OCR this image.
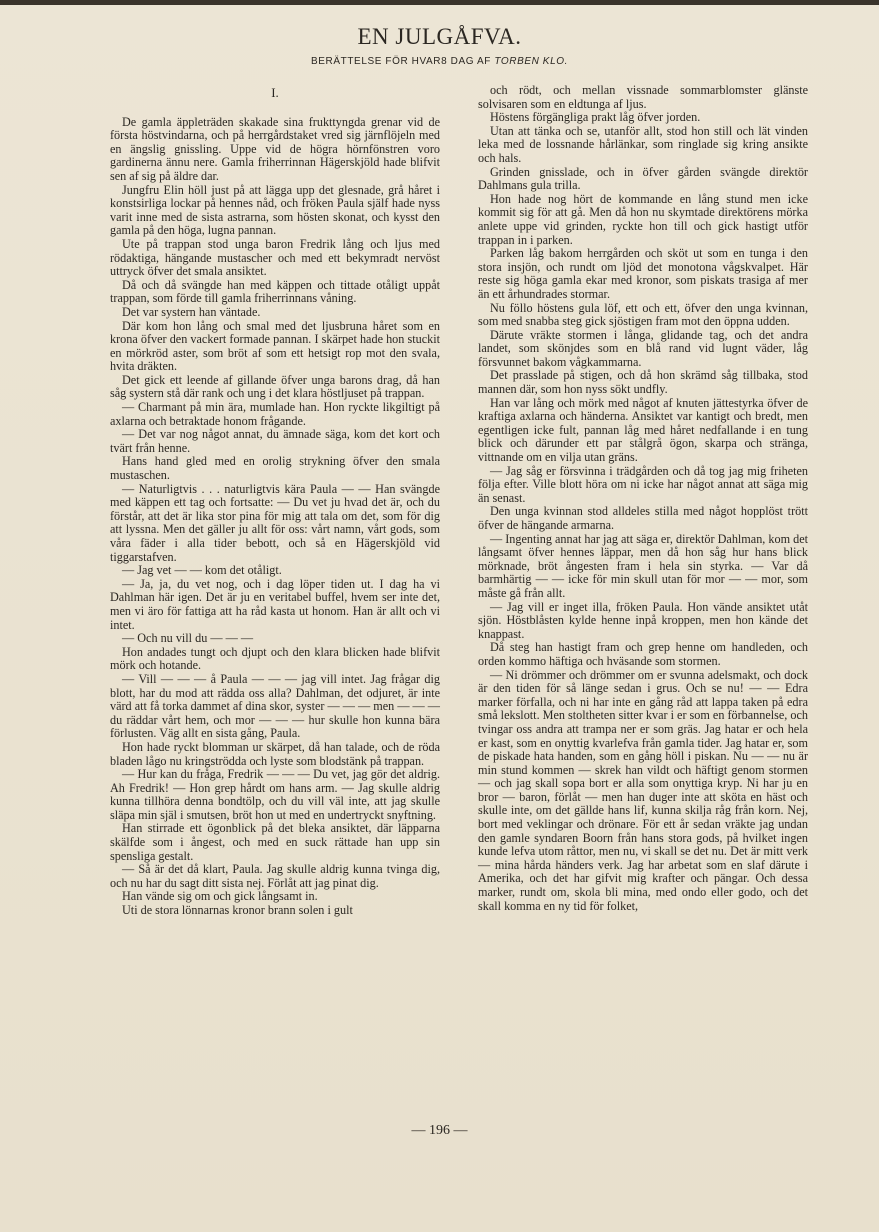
EN JULGÅFVA.

BERÄTTELSE FÖR HVAR8 DAG AF TORBEN KLO.

I.

De gamla äppleträden skakade sina frukttyngda grenar vid de första höstvindarna, och på herrgårdstaket vred sig järnflöjeln med en ängslig gnissling. Uppe vid de högra hörnfönstren voro gardinerna ännu nere. Gamla friherrinnan Hägerskjöld hade blifvit sen af sig på äldre dar.

Jungfru Elin höll just på att lägga upp det glesnade, grå håret i konstsirliga lockar på hennes nåd, och fröken Paula själf hade nyss varit inne med de sista astrarna, som hösten skonat, och kysst den gamla på den höga, lugna pannan.

Ute på trappan stod unga baron Fredrik lång och ljus med rödaktiga, hängande mustascher och med ett bekymradt nervöst uttryck öfver det smala ansiktet.

Då och då svängde han med käppen och tittade otåligt uppåt trappan, som förde till gamla friherrinnans våning.

Det var systern han väntade.

Där kom hon lång och smal med det ljusbruna håret som en krona öfver den vackert formade pannan. I skärpet hade hon stuckit en mörkröd aster, som bröt af som ett hetsigt rop mot den svala, hvita dräkten.

Det gick ett leende af gillande öfver unga barons drag, då han såg systern stå där rank och ung i det klara höstljuset på trappan.

— Charmant på min ära, mumlade han. Hon ryckte likgiltigt på axlarna och betraktade honom frågande.

— Det var nog något annat, du ämnade säga, kom det kort och tvärt från henne.

Hans hand gled med en orolig strykning öfver den smala mustaschen.

— Naturligtvis . . . naturligtvis kära Paula — — Han svängde med käppen ett tag och fortsatte: — Du vet ju hvad det är, och du förstår, att det är lika stor pina för mig att tala om det, som för dig att lyssna. Men det gäller ju allt för oss: vårt namn, vårt gods, som våra fäder i alla tider bebott, och så en Hägerskjöld vid tiggarstafven.

— Jag vet — — kom det otåligt.

— Ja, ja, du vet nog, och i dag löper tiden ut. I dag ha vi Dahlman här igen. Det är ju en veritabel buffel, hvem ser inte det, men vi äro för fattiga att ha råd kasta ut honom. Han är allt och vi intet.

— Och nu vill du — — —

Hon andades tungt och djupt och den klara blicken hade blifvit mörk och hotande.

— Vill — — — å Paula — — — jag vill intet. Jag frågar dig blott, har du mod att rädda oss alla? Dahlman, det odjuret, är inte värd att få torka dammet af dina skor, syster — — — men — — — du räddar vårt hem, och mor — — — hur skulle hon kunna bära förlusten. Väg allt en sista gång, Paula.

Hon hade ryckt blomman ur skärpet, då han talade, och de röda bladen lågo nu kringströdda och lyste som blodstänk på trappan.

— Hur kan du fråga, Fredrik — — — Du vet, jag gör det aldrig. Ah Fredrik! — Hon grep hårdt om hans arm. — Jag skulle aldrig kunna tillhöra denna bondtölp, och du vill väl inte, att jag skulle släpa min själ i smutsen, bröt hon ut med en undertryckt snyftning.

Han stirrade ett ögonblick på det bleka ansiktet, där läpparna skälfde som i ångest, och med en suck rättade han upp sin spensliga gestalt.

— Så är det då klart, Paula. Jag skulle aldrig kunna tvinga dig, och nu har du sagt ditt sista nej. Förlåt att jag pinat dig.

Han vände sig om och gick långsamt in.

Uti de stora lönnarnas kronor brann solen i gult

och rödt, och mellan vissnade sommarblomster glänste solvisaren som en eldtunga af ljus.

Höstens förgängliga prakt låg öfver jorden.

Utan att tänka och se, utanför allt, stod hon still och lät vinden leka med de lossnande hårlänkar, som ringlade sig kring ansikte och hals.

Grinden gnisslade, och in öfver gården svängde direktör Dahlmans gula trilla.

Hon hade nog hört de kommande en lång stund men icke kommit sig för att gå. Men då hon nu skymtade direktörens mörka anlete uppe vid grinden, ryckte hon till och gick hastigt utför trappan in i parken.

Parken låg bakom herrgården och sköt ut som en tunga i den stora insjön, och rundt om ljöd det monotona vågskvalpet. Här reste sig höga gamla ekar med kronor, som piskats trasiga af mer än ett århundrades stormar.

Nu föllo höstens gula löf, ett och ett, öfver den unga kvinnan, som med snabba steg gick sjöstigen fram mot den öppna udden.

Därute vräkte stormen i långa, glidande tag, och det andra landet, som skönjdes som en blå rand vid lugnt väder, låg försvunnet bakom vågkammarna.

Det prasslade på stigen, och då hon skrämd såg tillbaka, stod mannen där, som hon nyss sökt undfly.

Han var lång och mörk med något af knuten jättestyrka öfver de kraftiga axlarna och händerna. Ansiktet var kantigt och bredt, men egentligen icke fult, pannan låg med håret nedfallande i en tung blick och därunder ett par stålgrå ögon, skarpa och stränga, vittnande om en vilja utan gräns.

— Jag såg er försvinna i trädgården och då tog jag mig friheten följa efter. Ville blott höra om ni icke har något annat att säga mig än senast.

Den unga kvinnan stod alldeles stilla med något hopplöst trött öfver de hängande armarna.

— Ingenting annat har jag att säga er, direktör Dahlman, kom det långsamt öfver hennes läppar, men då hon såg hur hans blick mörknade, bröt ångesten fram i hela sin styrka. — Var då barmhärtig — — icke för min skull utan för mor — — mor, som måste gå från allt.

— Jag vill er inget illa, fröken Paula. Hon vände ansiktet utåt sjön. Höstblåsten kylde henne inpå kroppen, men hon kände det knappast.

Då steg han hastigt fram och grep henne om handleden, och orden kommo häftiga och hväsande som stormen.

— Ni drömmer och drömmer om er svunna adelsmakt, och dock är den tiden för så länge sedan i grus. Och se nu! — — Edra marker förfalla, och ni har inte en gång råd att lappa taken på edra små lekslott. Men stoltheten sitter kvar i er som en förbannelse, och tvingar oss andra att trampa ner er som gräs. Jag hatar er och hela er kast, som en onyttig kvarlefva från gamla tider. Jag hatar er, som de piskade hata handen, som en gång höll i piskan. Nu — — nu är min stund kommen — skrek han vildt och häftigt genom stormen — och jag skall sopa bort er alla som onyttiga kryp. Ni har ju en bror — baron, förlåt — men han duger inte att sköta en häst och skulle inte, om det gällde hans lif, kunna skilja råg från korn. Nej, bort med veklingar och drönare. För ett år sedan vräkte jag undan den gamle syndaren Boorn från hans stora gods, på hvilket ingen kunde lefva utom råttor, men nu, vi skall se det nu. Det är mitt verk — mina hårda händers verk. Jag har arbetat som en slaf därute i Amerika, och det har gifvit mig krafter och pängar. Och dessa marker, rundt om, skola bli mina, med ondo eller godo, och det skall komma en ny tid för folket,

— 196 —
